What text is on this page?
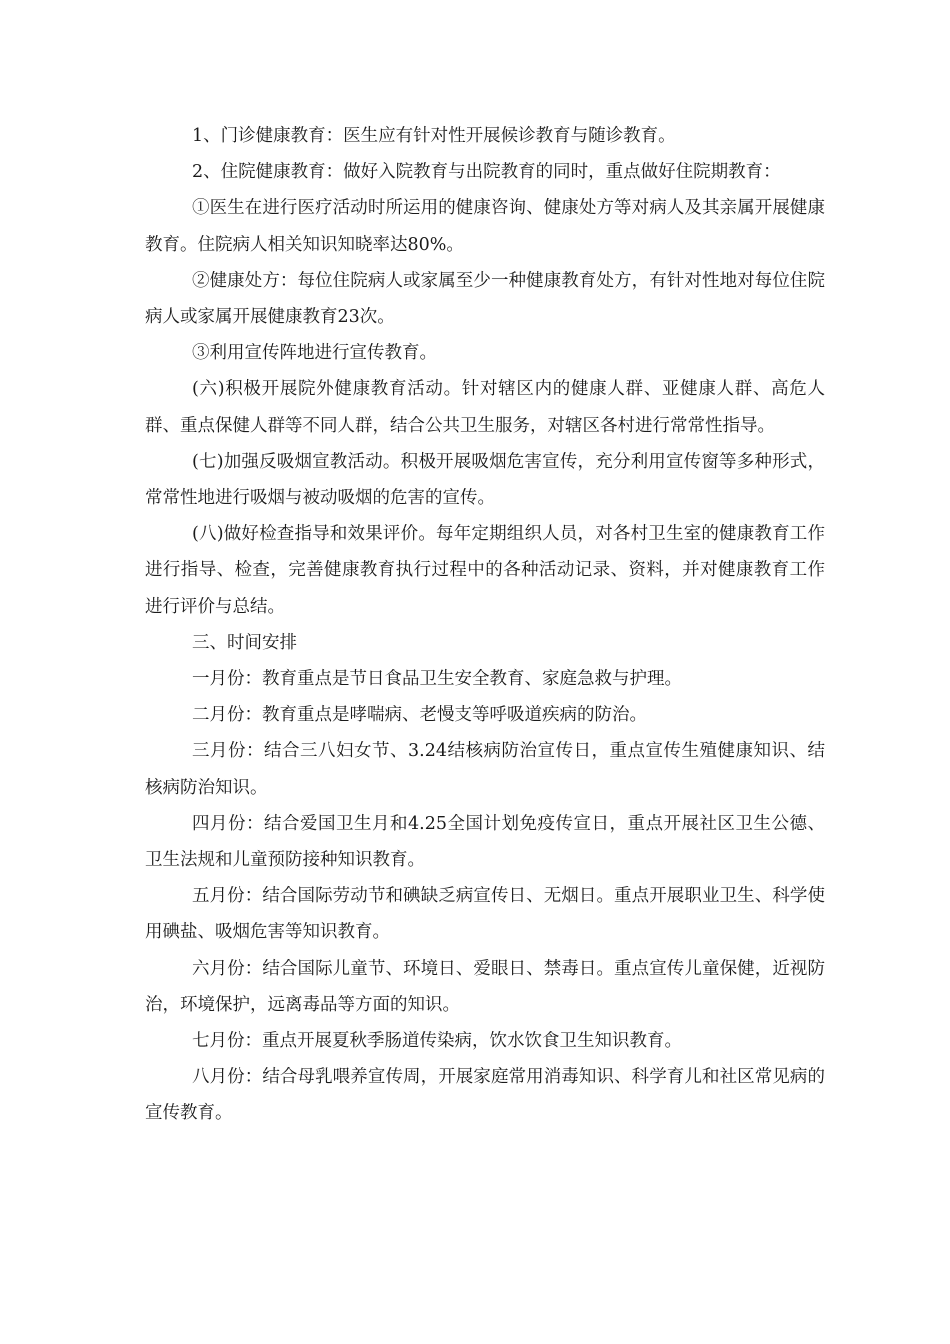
1、门诊健康教育：医生应有针对性开展候诊教育与随诊教育。

2、住院健康教育：做好入院教育与出院教育的同时，重点做好住院期教育：

①医生在进行医疗活动时所运用的健康咨询、健康处方等对病人及其亲属开展健康教育。住院病人相关知识知晓率达80%。

②健康处方：每位住院病人或家属至少一种健康教育处方，有针对性地对每位住院病人或家属开展健康教育23次。

③利用宣传阵地进行宣传教育。

(六)积极开展院外健康教育活动。针对辖区内的健康人群、亚健康人群、高危人群、重点保健人群等不同人群，结合公共卫生服务，对辖区各村进行常常性指导。

(七)加强反吸烟宣教活动。积极开展吸烟危害宣传，充分利用宣传窗等多种形式，常常性地进行吸烟与被动吸烟的危害的宣传。

(八)做好检查指导和效果评价。每年定期组织人员，对各村卫生室的健康教育工作进行指导、检查，完善健康教育执行过程中的各种活动记录、资料，并对健康教育工作进行评价与总结。

三、时间安排

一月份：教育重点是节日食品卫生安全教育、家庭急救与护理。

二月份：教育重点是哮喘病、老慢支等呼吸道疾病的防治。

三月份：结合三八妇女节、3.24结核病防治宣传日，重点宣传生殖健康知识、结核病防治知识。

四月份：结合爱国卫生月和4.25全国计划免疫传宣日，重点开展社区卫生公德、卫生法规和儿童预防接种知识教育。

五月份：结合国际劳动节和碘缺乏病宣传日、无烟日。重点开展职业卫生、科学使用碘盐、吸烟危害等知识教育。

六月份：结合国际儿童节、环境日、爱眼日、禁毒日。重点宣传儿童保健，近视防治，环境保护，远离毒品等方面的知识。

七月份：重点开展夏秋季肠道传染病，饮水饮食卫生知识教育。

八月份：结合母乳喂养宣传周，开展家庭常用消毒知识、科学育儿和社区常见病的宣传教育。
